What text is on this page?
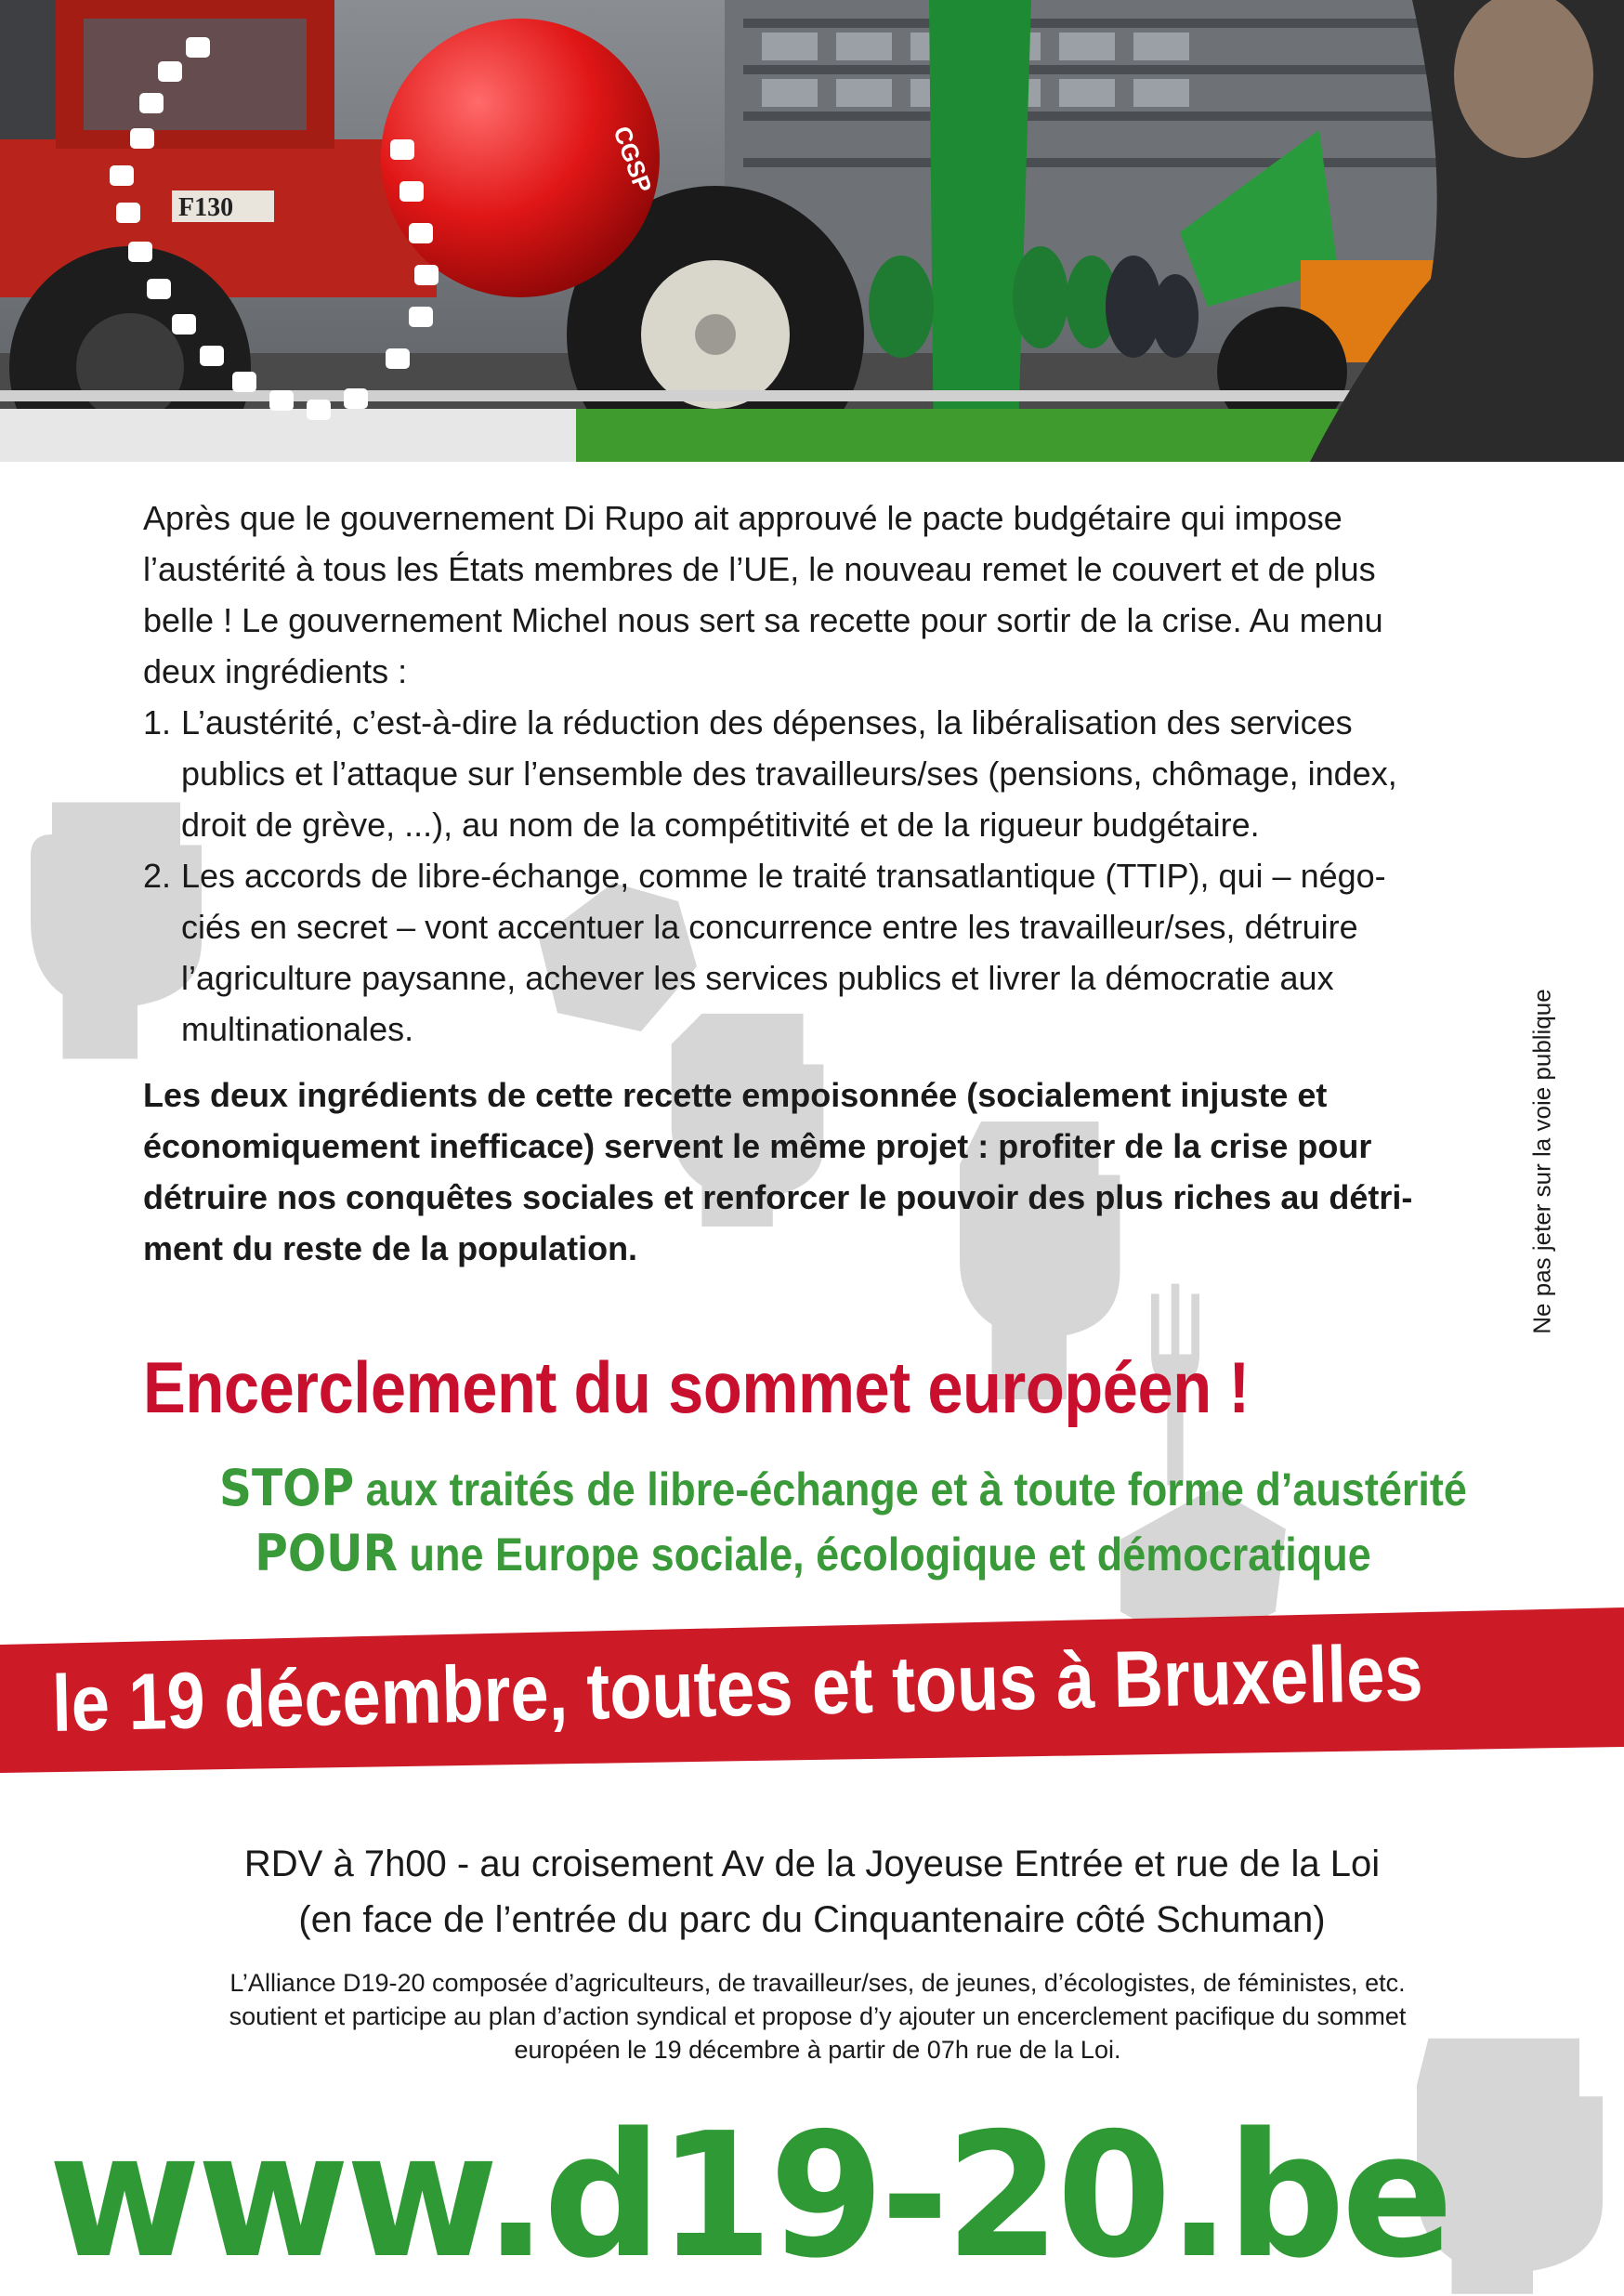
F130
CGSP

Après que le gouvernement Di Rupo ait approuvé le pacte budgétaire qui impose l’austérité à tous les États membres de l’UE, le nouveau remet le couvert et de plus belle ! Le gouvernement Michel nous sert sa recette pour sortir de la crise. Au menu deux ingrédients :

1. L’austérité, c’est-à-dire la réduction des dépenses, la libéralisation des services publics et l’attaque sur l’ensemble des travailleurs/ses (pensions, chômage, index, droit de grève, ...), au nom de la compétitivité et de la rigueur budgétaire.
2. Les accords de libre-échange, comme le traité transatlantique (TTIP), qui – négo-ciés en secret – vont accentuer la concurrence entre les travailleur/ses, détruire l’agriculture paysanne, achever les services publics et livrer la démocratie aux multinationales.

Les deux ingrédients de cette recette empoisonnée (socialement injuste et économiquement inefficace) servent le même projet : profiter de la crise pour détruire nos conquêtes sociales et renforcer le pouvoir des plus riches au détri-ment du reste de la population.

Encerclement du sommet européen !
STOP aux traités de libre-échange et à toute forme d’austérité
POUR une Europe sociale, écologique et démocratique
Ne pas jeter sur la voie publique
le 19 décembre, toutes et tous à Bruxelles
RDV à 7h00 - au croisement Av de la Joyeuse Entrée et rue de la Loi
(en face de l’entrée du parc du Cinquantenaire côté Schuman)
L’Alliance D19-20 composée d’agriculteurs, de travailleur/ses, de jeunes, d’écologistes, de féministes, etc. soutient et participe au plan d’action syndical et propose d’y ajouter un encerclement pacifique du sommet européen le 19 décembre à partir de 07h rue de la Loi.
www.d19-20.be
